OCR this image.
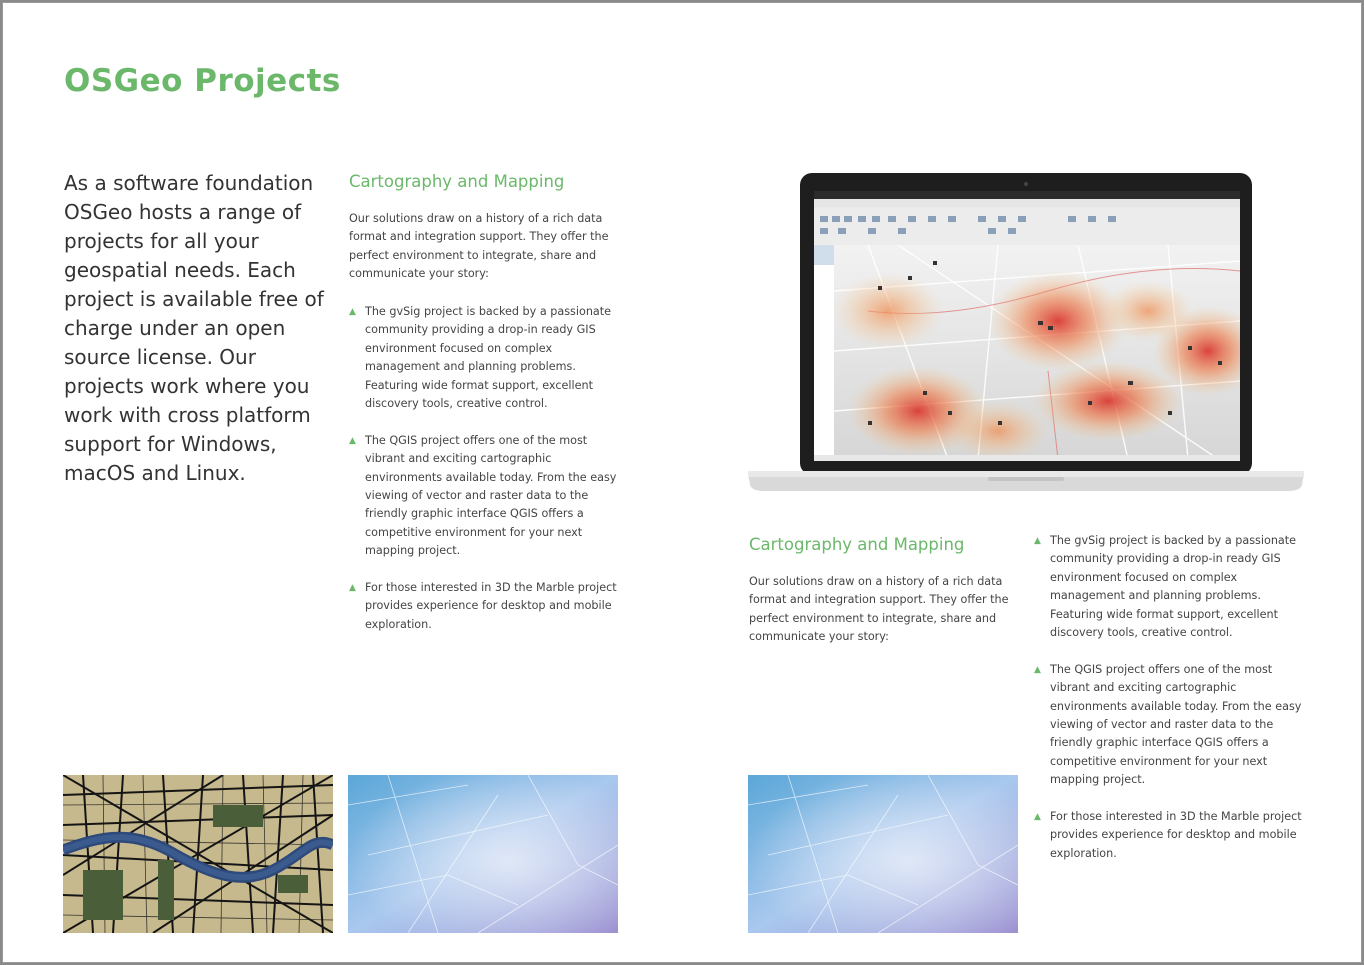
OSGeo Projects

As a software foundation OSGeo hosts a range of projects for all your geospatial needs. Each project is available free of charge under an open source license. Our projects work where you work with cross platform support for Windows, macOS and Linux.

Cartography and Mapping

Our solutions draw on a history of a rich data format and integration support. They offer the perfect environment to integrate, share and communicate your story:

▲ The gvSig project is backed by a passionate community providing a drop-in ready GIS environment focused on complex management and planning problems. Featuring wide format support, excellent discovery tools, creative control.
▲ The QGIS project offers one of the most vibrant and exciting cartographic environments available today. From the easy viewing of vector and raster data to the friendly graphic interface QGIS offers a competitive environment for your next mapping project.
▲ For those interested in 3D the Marble project provides experience for desktop and mobile exploration.
Cartography and Mapping

Our solutions draw on a history of a rich data format and integration support. They offer the perfect environment to integrate, share and communicate your story:

▲ The gvSig project is backed by a passionate community providing a drop-in ready GIS environment focused on complex management and planning problems. Featuring wide format support, excellent discovery tools, creative control.
▲ The QGIS project offers one of the most vibrant and exciting cartographic environments available today. From the easy viewing of vector and raster data to the friendly graphic interface QGIS offers a competitive environment for your next mapping project.
▲ For those interested in 3D the Marble project provides experience for desktop and mobile exploration.
